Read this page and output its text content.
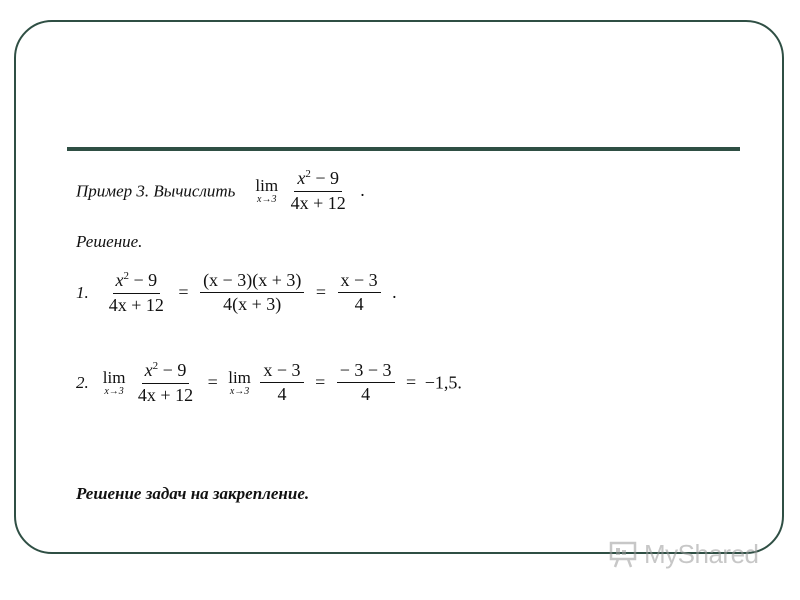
Пример 3. Вычислить lim
x→3
$\frac{x^2 - 9}{4x + 12}$ .
Решение.
1. $\frac{x^2 - 9}{4x + 12} = \frac{(x - 3)(x + 3)}{4(x + 3)} = \frac{x - 3}{4}$ .
2. lim
x→3
$\frac{x^2 - 9}{4x + 12} = \lim$
x→3
$\frac{x - 3}{4} = \frac{- 3 - 3}{4} = -1,5$.
Решение задач на закрепление.
MyShared
